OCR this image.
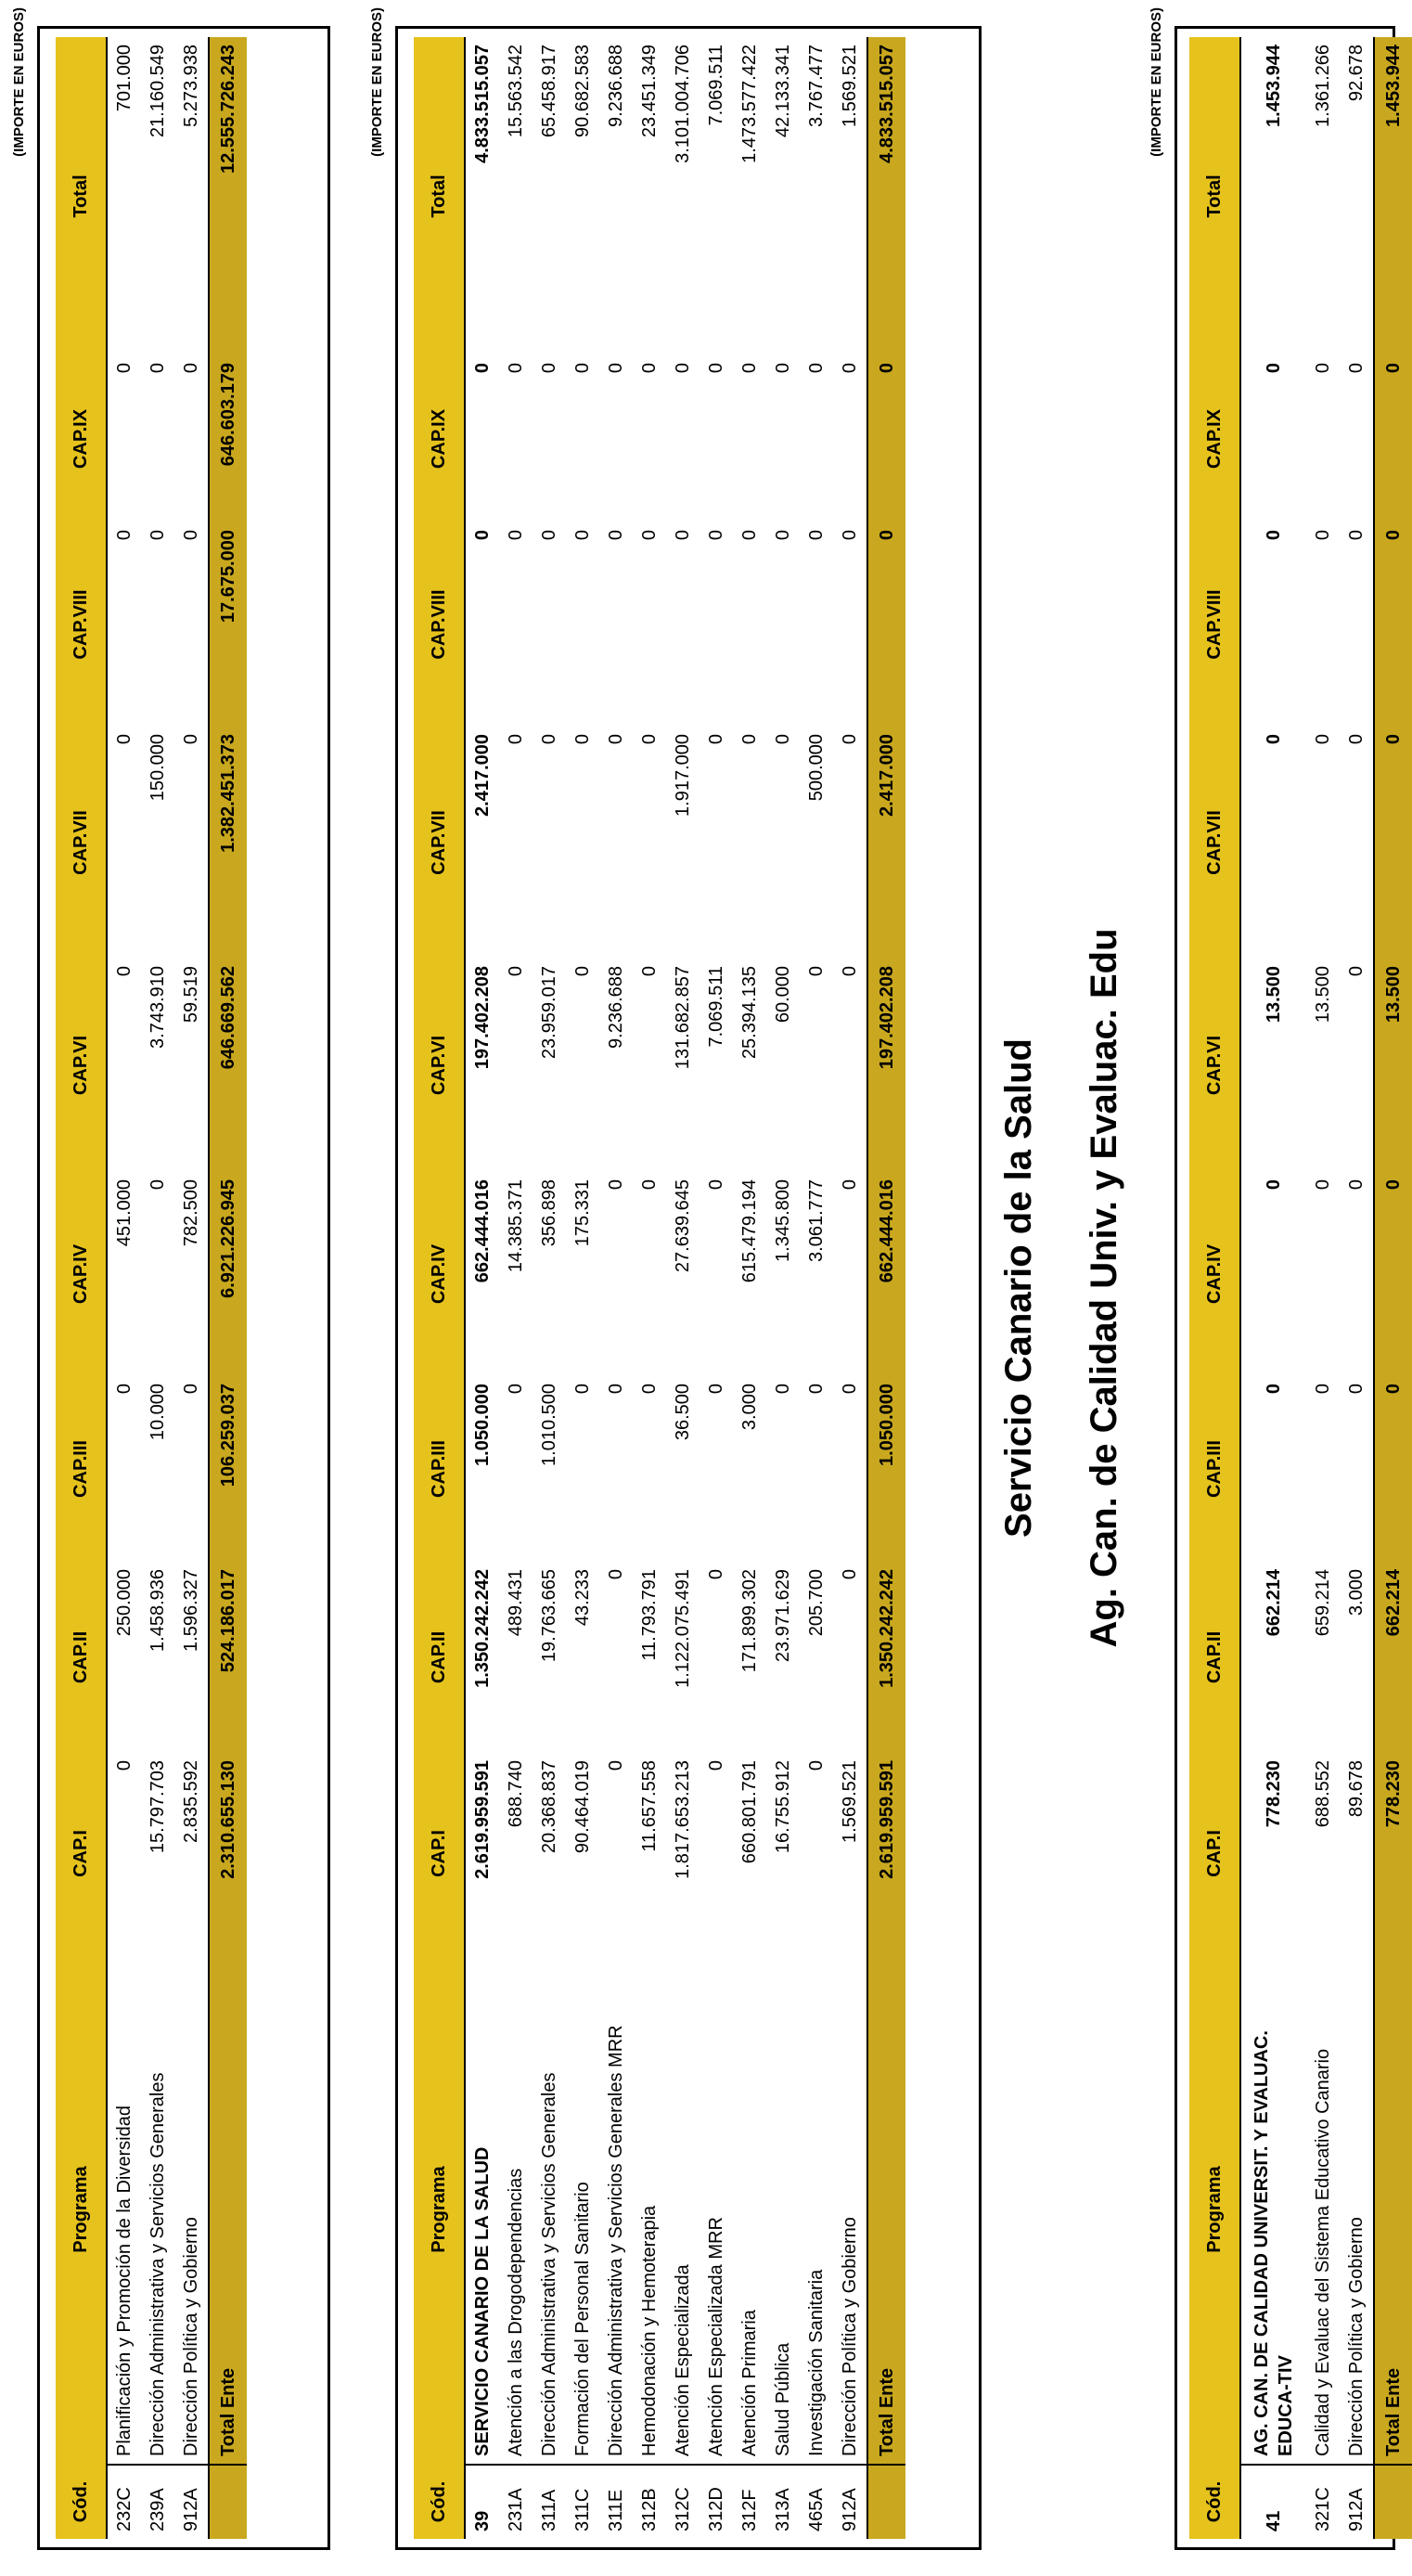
(IMPORTE EN EUROS)
Cód.	Programa	CAP.I	CAP.II	CAP.III	CAP.IV	CAP.VI	CAP.VII	CAP.VIII	CAP.IX	Total
232C	Planificación y Promoción de la Diversidad	0	250.000	0	451.000	0	0	0	0	701.000
239A	Dirección Administrativa y Servicios Generales	15.797.703	1.458.936	10.000	0	3.743.910	150.000	0	0	21.160.549
912A	Dirección Política y Gobierno	2.835.592	1.596.327	0	782.500	59.519	0	0	0	5.273.938
	Total Ente	2.310.655.130	524.186.017	106.259.037	6.921.226.945	646.669.562	1.382.451.373	17.675.000	646.603.179	12.555.726.243	(IMPORTE EN EUROS)
Cód.	Programa	CAP.I	CAP.II	CAP.III	CAP.IV	CAP.VI	CAP.VII	CAP.VIII	CAP.IX	Total
39	SERVICIO CANARIO DE LA SALUD	2.619.959.591	1.350.242.242	1.050.000	662.444.016	197.402.208	2.417.000	0	0	4.833.515.057
231A	Atención a las Drogodependencias	688.740	489.431	0	14.385.371	0	0	0	0	15.563.542
311A	Dirección Administrativa y Servicios Generales	20.368.837	19.763.665	1.010.500	356.898	23.959.017	0	0	0	65.458.917
311C	Formación del Personal Sanitario	90.464.019	43.233	0	175.331	0	0	0	0	90.682.583
311E	Dirección Administrativa y Servicios Generales MRR	0	0	0	0	9.236.688	0	0	0	9.236.688
312B	Hemodonación y Hemoterapia	11.657.558	11.793.791	0	0	0	0	0	0	23.451.349
312C	Atención Especializada	1.817.653.213	1.122.075.491	36.500	27.639.645	131.682.857	1.917.000	0	0	3.101.004.706
312D	Atención Especializada MRR	0	0	0	0	7.069.511	0	0	0	7.069.511
312F	Atención Primaria	660.801.791	171.899.302	3.000	615.479.194	25.394.135	0	0	0	1.473.577.422
313A	Salud Pública	16.755.912	23.971.629	0	1.345.800	60.000	0	0	0	42.133.341
465A	Investigación Sanitaria	0	205.700	0	3.061.777	0	500.000	0	0	3.767.477
912A	Dirección Política y Gobierno	1.569.521	0	0	0	0	0	0	0	1.569.521
	Total Ente	2.619.959.591	1.350.242.242	1.050.000	662.444.016	197.402.208	2.417.000	0	0	4.833.515.057
Servicio Canario de la Salud Ag. Can. de Calidad Univ. y Evaluac. Edu
(IMPORTE EN EUROS)
Cód.	Programa	CAP.I	CAP.II	CAP.III	CAP.IV	CAP.VI	CAP.VII	CAP.VIII	CAP.IX	Total
41	AG. CAN. DE CALIDAD UNIVERSIT. Y EVALUAC. EDUCA-TIV	778.230	662.214	0	0	13.500	0	0	0	1.453.944
321C	Calidad y Evaluac del Sistema Educativo Canario	688.552	659.214	0	0	13.500	0	0	0	1.361.266
912A	Dirección Política y Gobierno	89.678	3.000	0	0	0	0	0	0	92.678
	Total Ente	778.230	662.214	0	0	13.500	0	0	0	1.453.944
